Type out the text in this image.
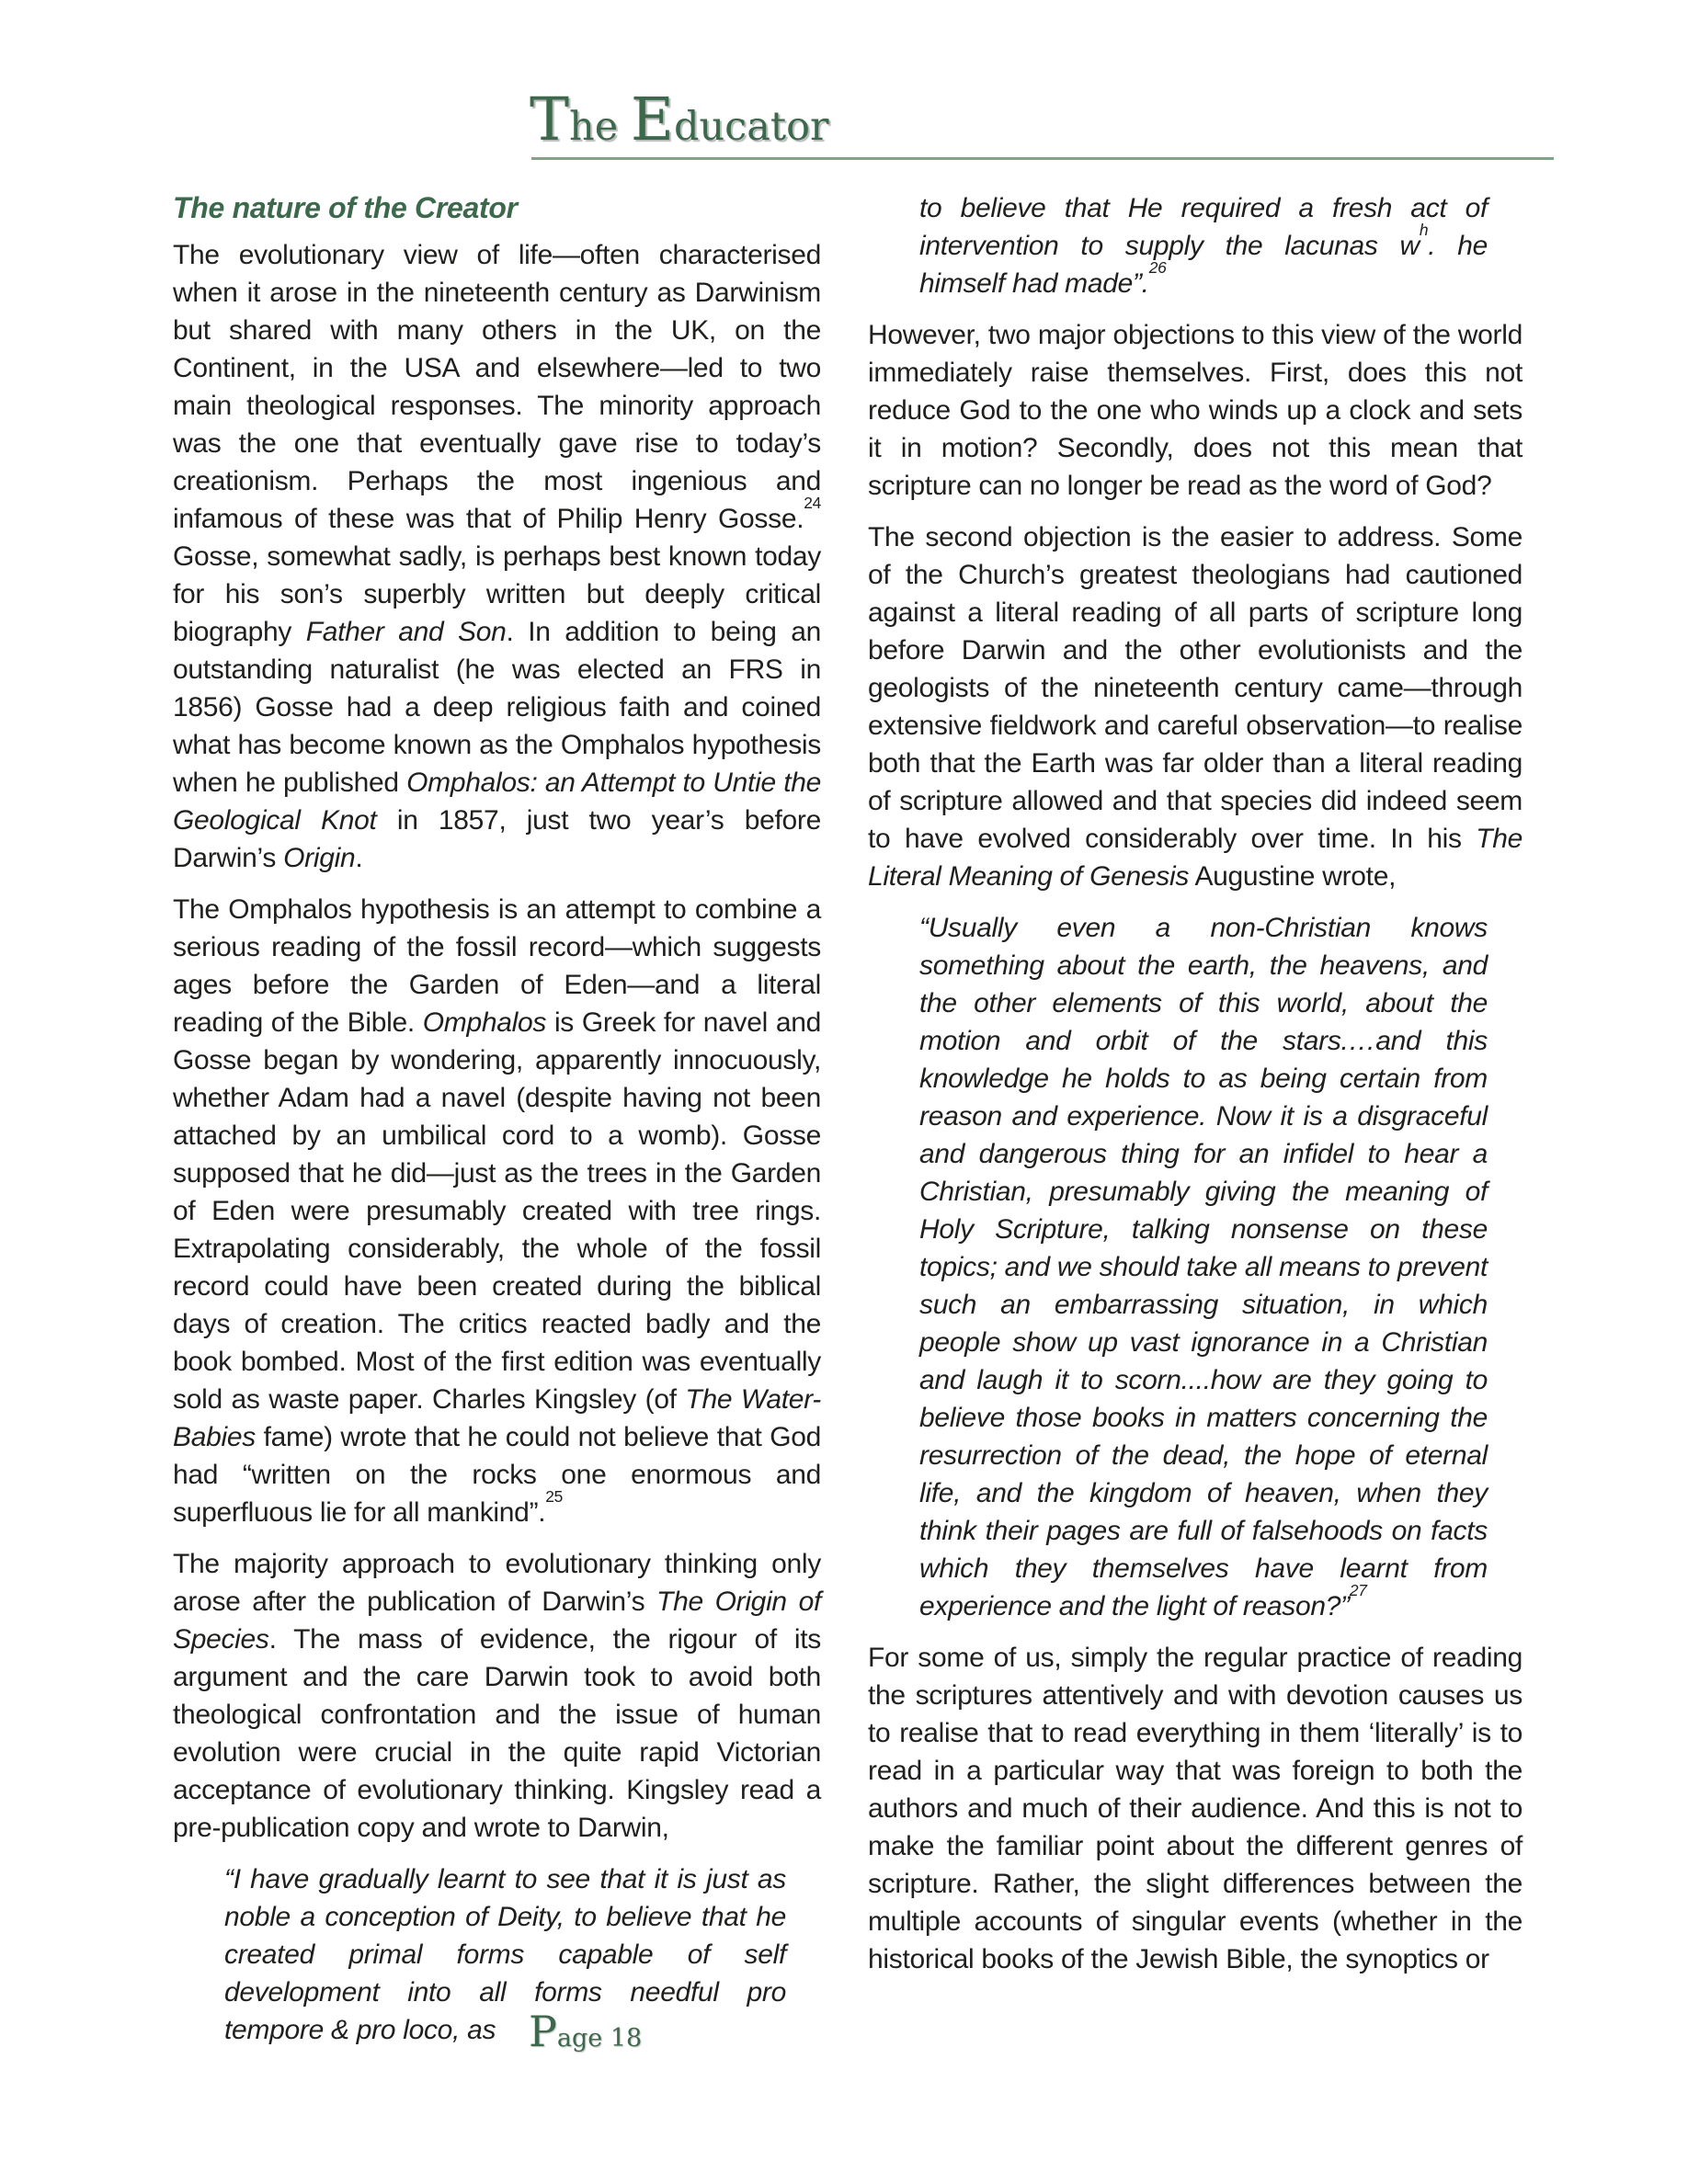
The Educator
The nature of the Creator

The evolutionary view of life—often characterised when it arose in the nineteenth century as Darwinism but shared with many others in the UK, on the Continent, in the USA and elsewhere—led to two main theological responses. The minority approach was the one that eventually gave rise to today’s creationism. Perhaps the most ingenious and infamous of these was that of Philip Henry Gosse.$^{24}$ Gosse, somewhat sadly, is perhaps best known today for his son’s superbly written but deeply critical biography Father and Son. In addition to being an outstanding naturalist (he was elected an FRS in 1856) Gosse had a deep religious faith and coined what has become known as the Omphalos hypothesis when he published Omphalos: an Attempt to Untie the Geological Knot in 1857, just two year’s before Darwin’s Origin.

The Omphalos hypothesis is an attempt to combine a serious reading of the fossil record—which suggests ages before the Garden of Eden—and a literal reading of the Bible. Omphalos is Greek for navel and Gosse began by wondering, apparently innocuously, whether Adam had a navel (despite having not been attached by an umbilical cord to a womb). Gosse supposed that he did—just as the trees in the Garden of Eden were presumably created with tree rings. Extrapolating considerably, the whole of the fossil record could have been created during the biblical days of creation. The critics reacted badly and the book bombed. Most of the first edition was eventually sold as waste paper. Charles Kingsley (of The Water-Babies fame) wrote that he could not believe that God had “written on the rocks one enormous and superfluous lie for all mankind”.$^{25}$

The majority approach to evolutionary thinking only arose after the publication of Darwin’s The Origin of Species. The mass of evidence, the rigour of its argument and the care Darwin took to avoid both theological confrontation and the issue of human evolution were crucial in the quite rapid Victorian acceptance of evolutionary thinking. Kingsley read a pre-publication copy and wrote to Darwin,

“I have gradually learnt to see that it is just as noble a conception of Deity, to believe that he created primal forms capable of self development into all forms needful pro tempore & pro loco, as
to believe that He required a fresh act of intervention to supply the lacunas $w^h$. he himself had made”.$^{26}$

However, two major objections to this view of the world immediately raise themselves. First, does this not reduce God to the one who winds up a clock and sets it in motion? Secondly, does not this mean that scripture can no longer be read as the word of God?

The second objection is the easier to address. Some of the Church’s greatest theologians had cautioned against a literal reading of all parts of scripture long before Darwin and the other evolutionists and the geologists of the nineteenth century came—through extensive fieldwork and careful observation—to realise both that the Earth was far older than a literal reading of scripture allowed and that species did indeed seem to have evolved considerably over time. In his The Literal Meaning of Genesis Augustine wrote,

“Usually even a non-Christian knows something about the earth, the heavens, and the other elements of this world, about the motion and orbit of the stars.…and this knowledge he holds to as being certain from reason and experience. Now it is a disgraceful and dangerous thing for an infidel to hear a Christian, presumably giving the meaning of Holy Scripture, talking nonsense on these topics; and we should take all means to prevent such an embarrassing situation, in which people show up vast ignorance in a Christian and laugh it to scorn....how are they going to believe those books in matters concerning the resurrection of the dead, the hope of eternal life, and the kingdom of heaven, when they think their pages are full of falsehoods on facts which they themselves have learnt from experience and the light of reason?”$^{27}$

For some of us, simply the regular practice of reading the scriptures attentively and with devotion causes us to realise that to read everything in them ‘literally’ is to read in a particular way that was foreign to both the authors and much of their audience. And this is not to make the familiar point about the different genres of scripture. Rather, the slight differences between the multiple accounts of singular events (whether in the historical books of the Jewish Bible, the synoptics or

Page 18
